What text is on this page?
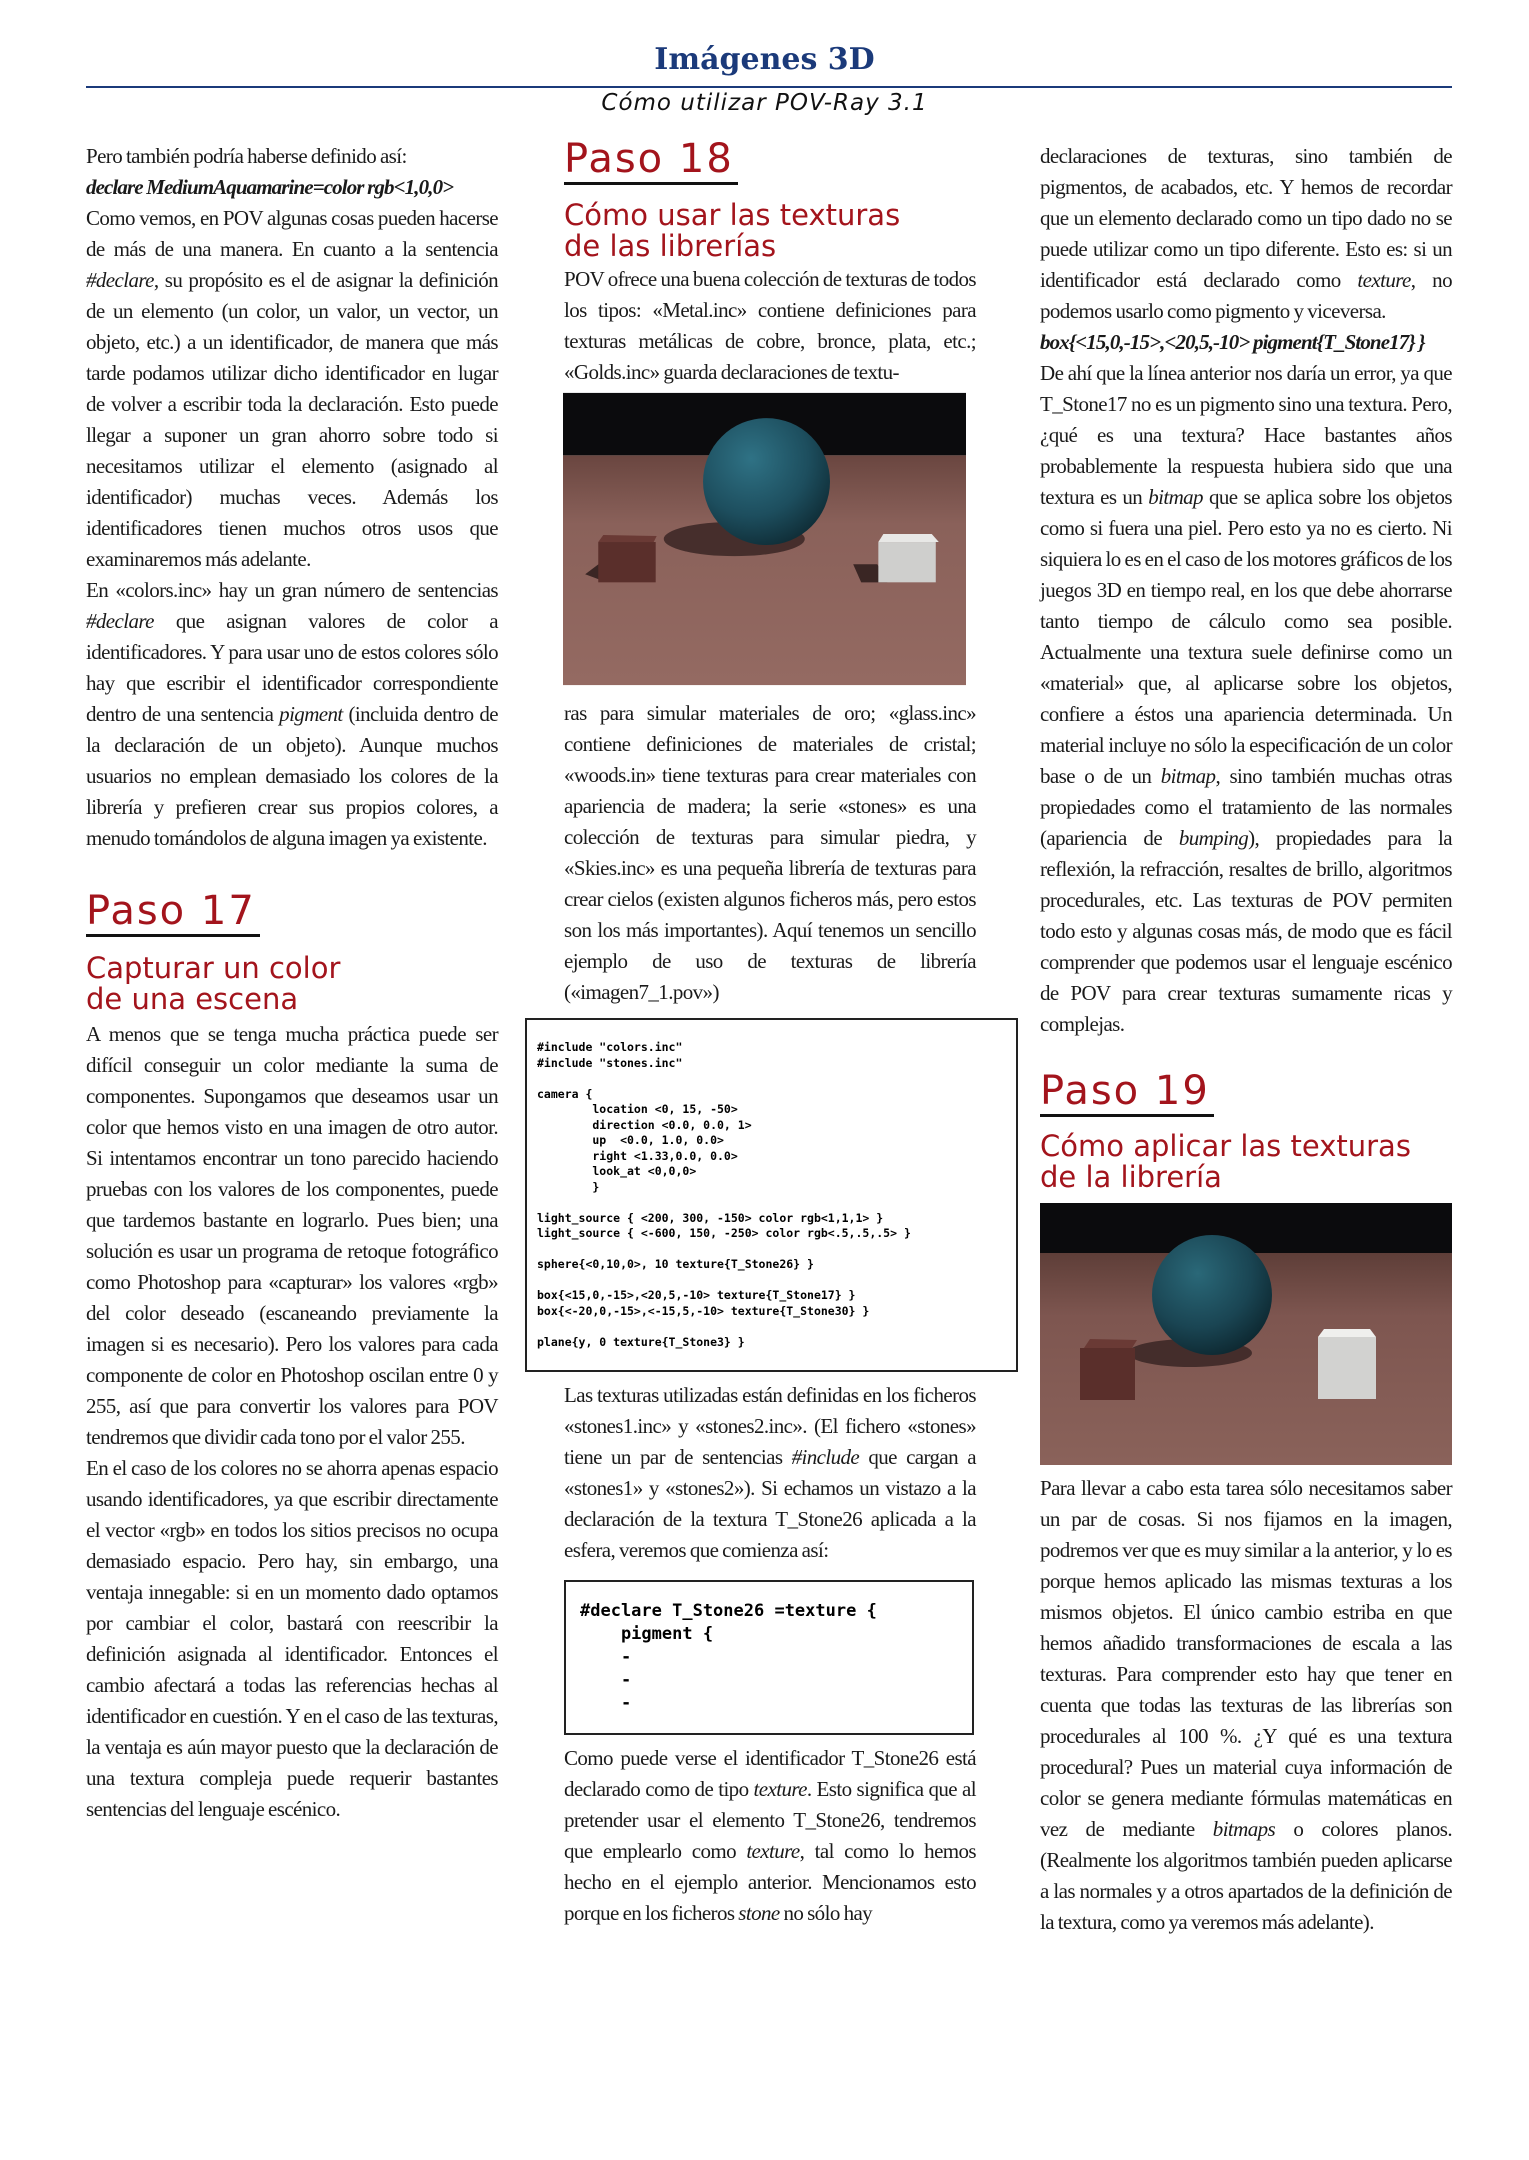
Imágenes 3D
Cómo utilizar POV-Ray 3.1

Pero también podría haberse definido así:
declare MediumAquamarine=color rgb<1,0,0>
Como vemos, en POV algunas cosas pueden hacerse de más de una manera. En cuanto a la sentencia #declare, su propósito es el de asignar la definición de un elemento (un color, un valor, un vector, un objeto, etc.) a un identificador, de manera que más tarde podamos utilizar dicho identificador en lugar de volver a escribir toda la declaración. Esto puede llegar a suponer un gran ahorro sobre todo si necesitamos utilizar el elemento (asignado al identificador) muchas veces. Además los identificadores tienen muchos otros usos que examinaremos más adelante.

En «colors.inc» hay un gran número de sentencias #declare que asignan valores de color a identificadores. Y para usar uno de estos colores sólo hay que escribir el identificador correspondiente dentro de una sentencia pigment (incluida dentro de la declaración de un objeto). Aunque muchos usuarios no emplean demasiado los colores de la librería y prefieren crear sus propios colores, a menudo tomándolos de alguna imagen ya existente.

Paso 17
Capturar un color
de una escena

A menos que se tenga mucha práctica puede ser difícil conseguir un color mediante la suma de componentes. Supongamos que deseamos usar un color que hemos visto en una imagen de otro autor. Si intentamos encontrar un tono parecido haciendo pruebas con los valores de los componentes, puede que tardemos bastante en lograrlo. Pues bien; una solución es usar un programa de retoque fotográfico como Photoshop para «capturar» los valores «rgb» del color deseado (escaneando previamente la imagen si es necesario). Pero los valores para cada componente de color en Photoshop oscilan entre 0 y 255, así que para convertir los valores para POV tendremos que dividir cada tono por el valor 255.

En el caso de los colores no se ahorra apenas espacio usando identificadores, ya que escribir directamente el vector «rgb» en todos los sitios precisos no ocupa demasiado espacio. Pero hay, sin embargo, una ventaja innegable: si en un momento dado optamos por cambiar el color, bastará con reescribir la definición asignada al identificador. Entonces el cambio afectará a todas las referencias hechas al identificador en cuestión. Y en el caso de las texturas, la ventaja es aún mayor puesto que la declaración de una textura compleja puede requerir bastantes sentencias del lenguaje escénico.

Paso 18
Cómo usar las texturas
de las librerías

POV ofrece una buena colección de texturas de todos los tipos: «Metal.inc» contiene definiciones para texturas metálicas de cobre, bronce, plata, etc.; «Golds.inc» guarda declaraciones de textu-

ras para simular materiales de oro; «glass.inc» contiene definiciones de materiales de cristal; «woods.in» tiene texturas para crear materiales con apariencia de madera; la serie «stones» es una colección de texturas para simular piedra, y «Skies.inc» es una pequeña librería de texturas para crear cielos (existen algunos ficheros más, pero estos son los más importantes). Aquí tenemos un sencillo ejemplo de uso de texturas de librería («imagen7_1.pov»)

#include "colors.inc"
#include "stones.inc"
camera {
location <0, 15, -50>
direction <0.0, 0.0, 1>
up  <0.0, 1.0, 0.0>
right <1.33,0.0, 0.0>
look_at <0,0,0>
}
light_source { <200, 300, -150> color rgb<1,1,1> }
light_source { <-600, 150, -250> color rgb<.5,.5,.5> }
sphere{<0,10,0>, 10 texture{T_Stone26} }
box{<15,0,-15>,<20,5,-10> texture{T_Stone17} }
box{<-20,0,-15>,<-15,5,-10> texture{T_Stone30} }
plane{y, 0 texture{T_Stone3} }

Las texturas utilizadas están definidas en los ficheros «stones1.inc» y «stones2.inc». (El fichero «stones» tiene un par de sentencias #include que cargan a «stones1» y «stones2»). Si echamos un vistazo a la declaración de la textura T_Stone26 aplicada a la esfera, veremos que comienza así:

#declare T_Stone26 =texture {
pigment {
-
-
-

Como puede verse el identificador T_Stone26 está declarado como de tipo texture. Esto significa que al pretender usar el elemento T_Stone26, tendremos que emplearlo como texture, tal como lo hemos hecho en el ejemplo anterior. Mencionamos esto porque en los ficheros stone no sólo hay

declaraciones de texturas, sino también de pigmentos, de acabados, etc. Y hemos de recordar que un elemento declarado como un tipo dado no se puede utilizar como un tipo diferente. Esto es: si un identificador está declarado como texture, no podemos usarlo como pigmento y viceversa.
box{<15,0,-15>,<20,5,-10> pigment{T_Stone17} }
De ahí que la línea anterior nos daría un error, ya que T_Stone17 no es un pigmento sino una textura. Pero, ¿qué es una textura? Hace bastantes años probablemente la respuesta hubiera sido que una textura es un bitmap que se aplica sobre los objetos como si fuera una piel. Pero esto ya no es cierto. Ni siquiera lo es en el caso de los motores gráficos de los juegos 3D en tiempo real, en los que debe ahorrarse tanto tiempo de cálculo como sea posible. Actualmente una textura suele definirse como un «material» que, al aplicarse sobre los objetos, confiere a éstos una apariencia determinada. Un material incluye no sólo la especificación de un color base o de un bitmap, sino también muchas otras propiedades como el tratamiento de las normales (apariencia de bumping), propiedades para la reflexión, la refracción, resaltes de brillo, algoritmos procedurales, etc. Las texturas de POV permiten todo esto y algunas cosas más, de modo que es fácil comprender que podemos usar el lenguaje escénico de POV para crear texturas sumamente ricas y complejas.

Paso 19
Cómo aplicar las texturas
de la librería

Para llevar a cabo esta tarea sólo necesitamos saber un par de cosas. Si nos fijamos en la imagen, podremos ver que es muy similar a la anterior, y lo es porque hemos aplicado las mismas texturas a los mismos objetos. El único cambio estriba en que hemos añadido transformaciones de escala a las texturas. Para comprender esto hay que tener en cuenta que todas las texturas de las librerías son procedurales al 100 %. ¿Y qué es una textura procedural? Pues un material cuya información de color se genera mediante fórmulas matemáticas en vez de mediante bitmaps o colores planos. (Realmente los algoritmos también pueden aplicarse a las normales y a otros apartados de la definición de la textura, como ya veremos más adelante).
